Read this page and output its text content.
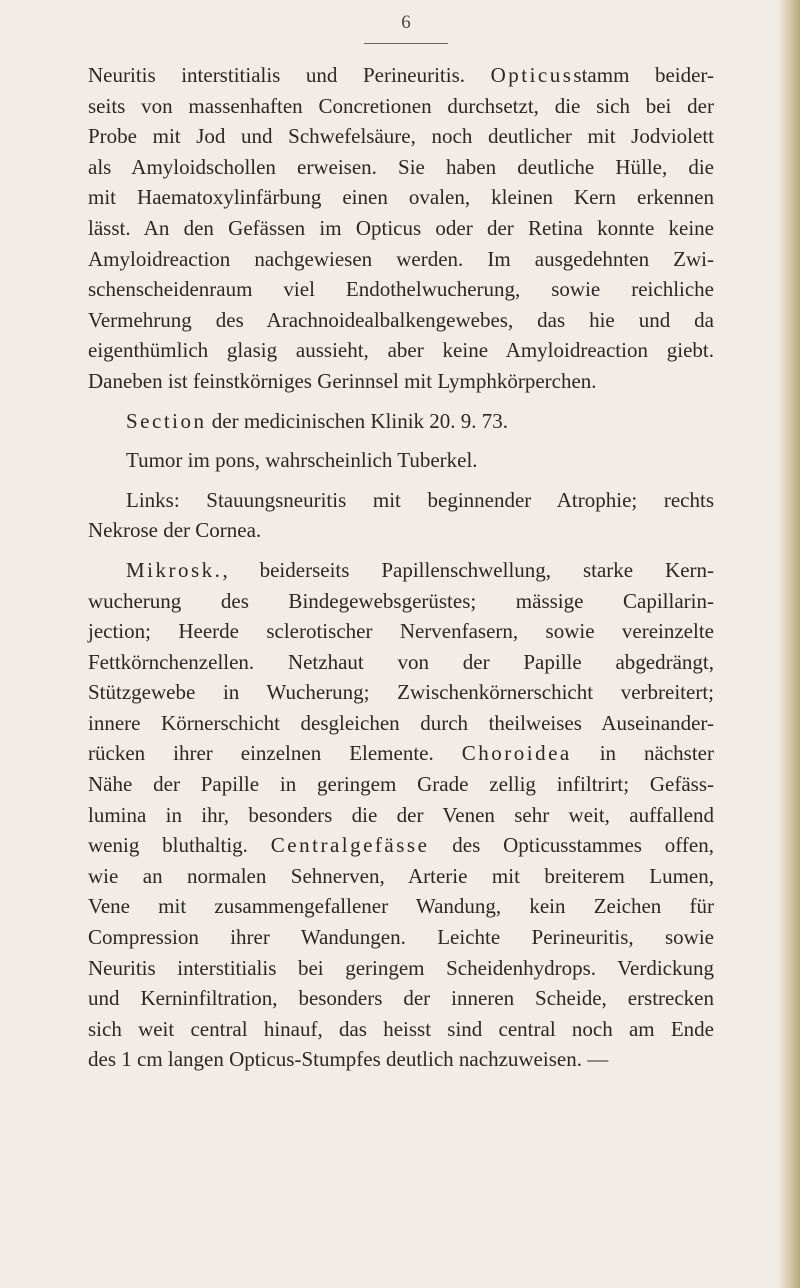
6
Neuritis interstitialis und Perineuritis. Opticusstamm beider-
seits von massenhaften Concretionen durchsetzt, die sich bei der
Probe mit Jod und Schwefelsäure, noch deutlicher mit Jodviolett
als Amyloidschollen erweisen. Sie haben deutliche Hülle, die
mit Haematoxylinfärbung einen ovalen, kleinen Kern erkennen
lässt. An den Gefässen im Opticus oder der Retina konnte keine
Amyloidreaction nachgewiesen werden. Im ausgedehnten Zwi-
schenscheidenraum viel Endothelwucherung, sowie reichliche
Vermehrung des Arachnoidealbalkengewebes, das hie und da
eigenthümlich glasig aussieht, aber keine Amyloidreaction giebt.
Daneben ist feinstkörniges Gerinnsel mit Lymphkörperchen.
Section der medicinischen Klinik 20. 9. 73.
Tumor im pons, wahrscheinlich Tuberkel.
Links: Stauungsneuritis mit beginnender Atrophie; rechts
Nekrose der Cornea.
Mikrosk., beiderseits Papillenschwellung, starke Kern-
wucherung des Bindegewebsgerüstes; mässige Capillarin-
jection; Heerde sclerotischer Nervenfasern, sowie vereinzelte
Fettkörnchenzellen. Netzhaut von der Papille abgedrängt,
Stützgewebe in Wucherung; Zwischenkörnerschicht verbreitert;
innere Körnerschicht desgleichen durch theilweises Auseinander-
rücken ihrer einzelnen Elemente. Choroidea in nächster
Nähe der Papille in geringem Grade zellig infiltrirt; Gefäss-
lumina in ihr, besonders die der Venen sehr weit, auffallend
wenig bluthaltig. Centralgefässe des Opticusstammes offen,
wie an normalen Sehnerven, Arterie mit breiterem Lumen,
Vene mit zusammengefallener Wandung, kein Zeichen für
Compression ihrer Wandungen. Leichte Perineuritis, sowie
Neuritis interstitialis bei geringem Scheidenhydrops. Verdickung
und Kerninfiltration, besonders der inneren Scheide, erstrecken
sich weit central hinauf, das heisst sind central noch am Ende
des 1 cm langen Opticus-Stumpfes deutlich nachzuweisen. —
